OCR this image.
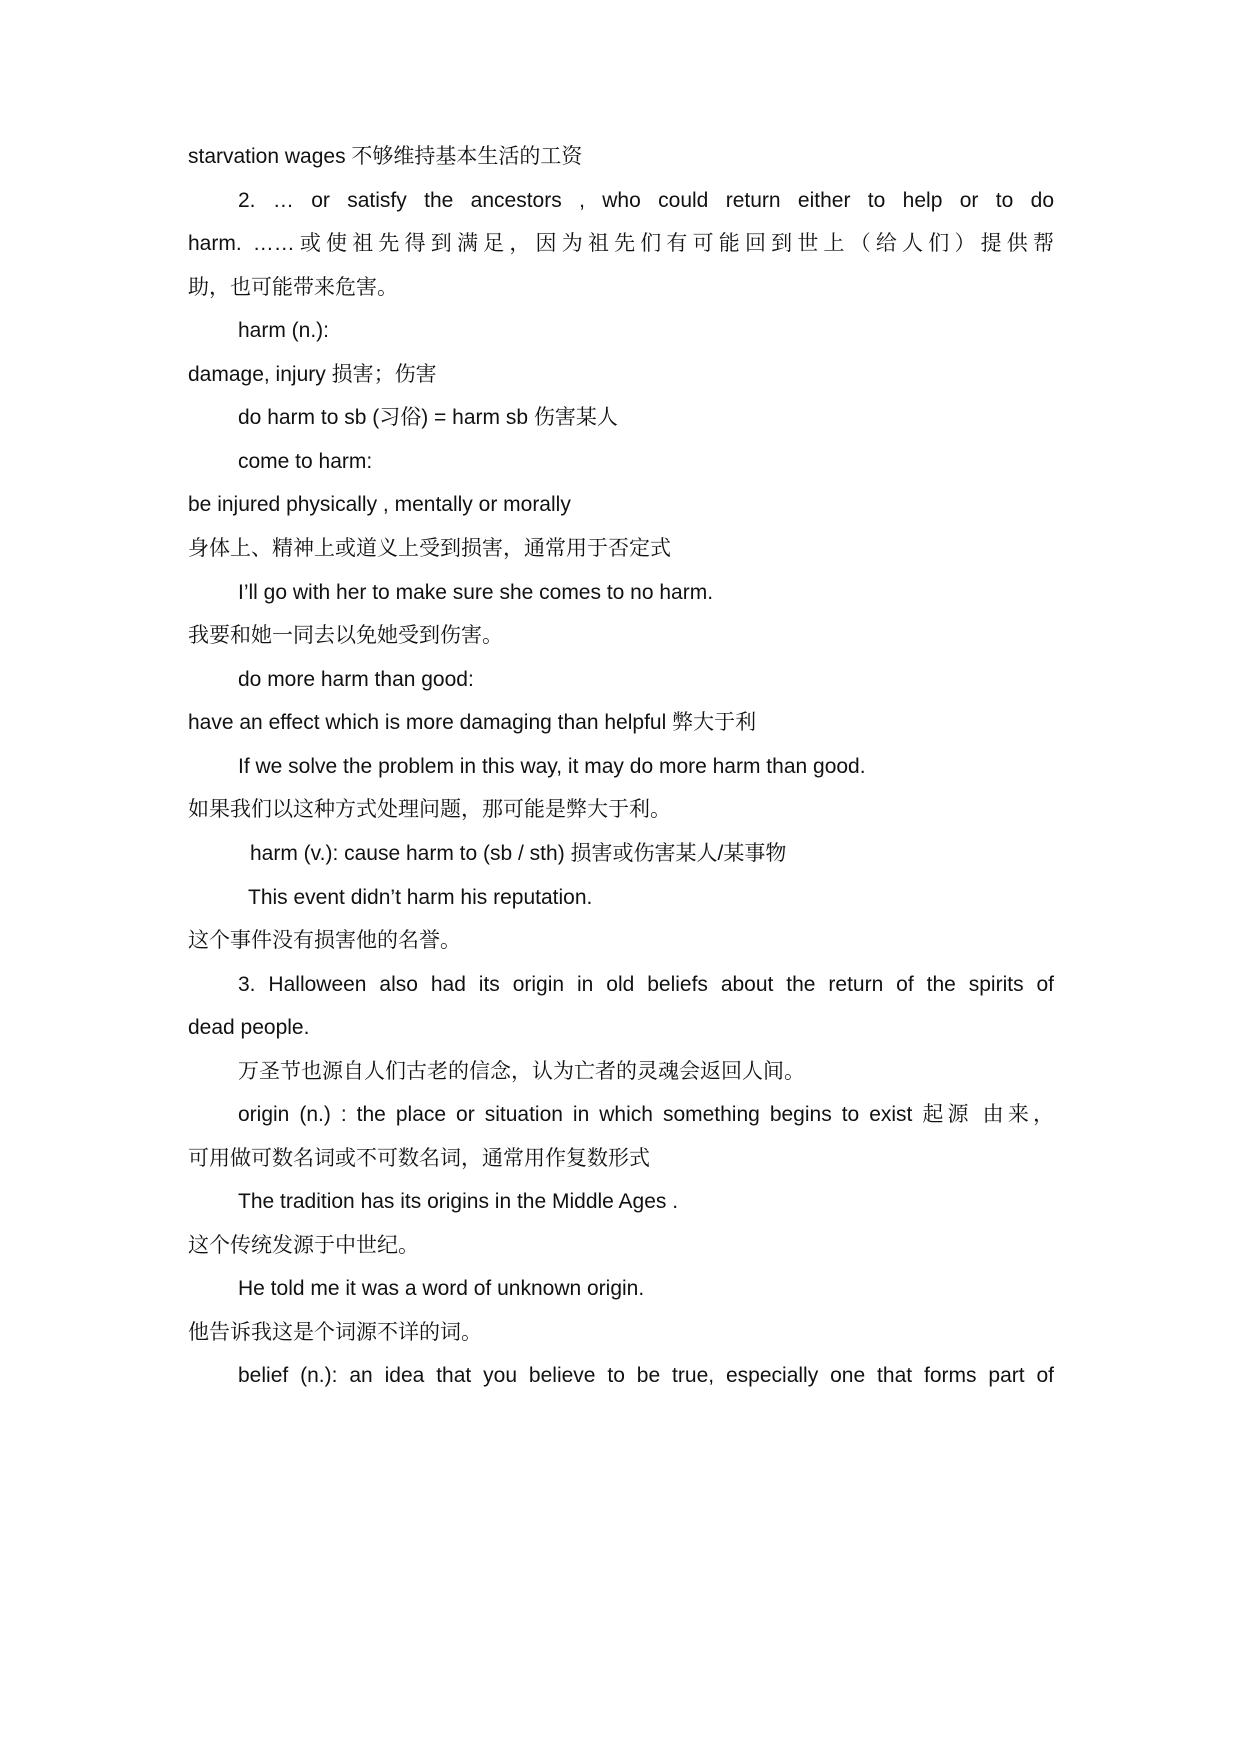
starvation wages 不够维持基本生活的工资
2. … or satisfy the ancestors , who could return either to help or to do
harm. ……或使祖先得到满足，因为祖先们有可能回到世上（给人们）提供帮
助，也可能带来危害。
harm (n.):
damage, injury 损害；伤害
do harm to sb (习俗) = harm sb 伤害某人
come to harm:
be injured physically , mentally or morally
身体上、精神上或道义上受到损害，通常用于否定式
I’ll go with her to make sure she comes to no harm.
我要和她一同去以免她受到伤害。
do more harm than good:
have an effect which is more damaging than helpful 弊大于利
If we solve the problem in this way, it may do more harm than good.
如果我们以这种方式处理问题，那可能是弊大于利。
harm (v.): cause harm to (sb / sth) 损害或伤害某人/某事物
This event didn’t harm his reputation.
这个事件没有损害他的名誉。
3. Halloween also had its origin in old beliefs about the return of the spirits of
dead people.
万圣节也源自人们古老的信念，认为亡者的灵魂会返回人间。
origin (n.) : the place or situation in which something begins to exist 起源 由来，
可用做可数名词或不可数名词，通常用作复数形式
The tradition has its origins in the Middle Ages .
这个传统发源于中世纪。
He told me it was a word of unknown origin.
他告诉我这是个词源不详的词。
belief (n.): an idea that you believe to be true, especially one that forms part of
